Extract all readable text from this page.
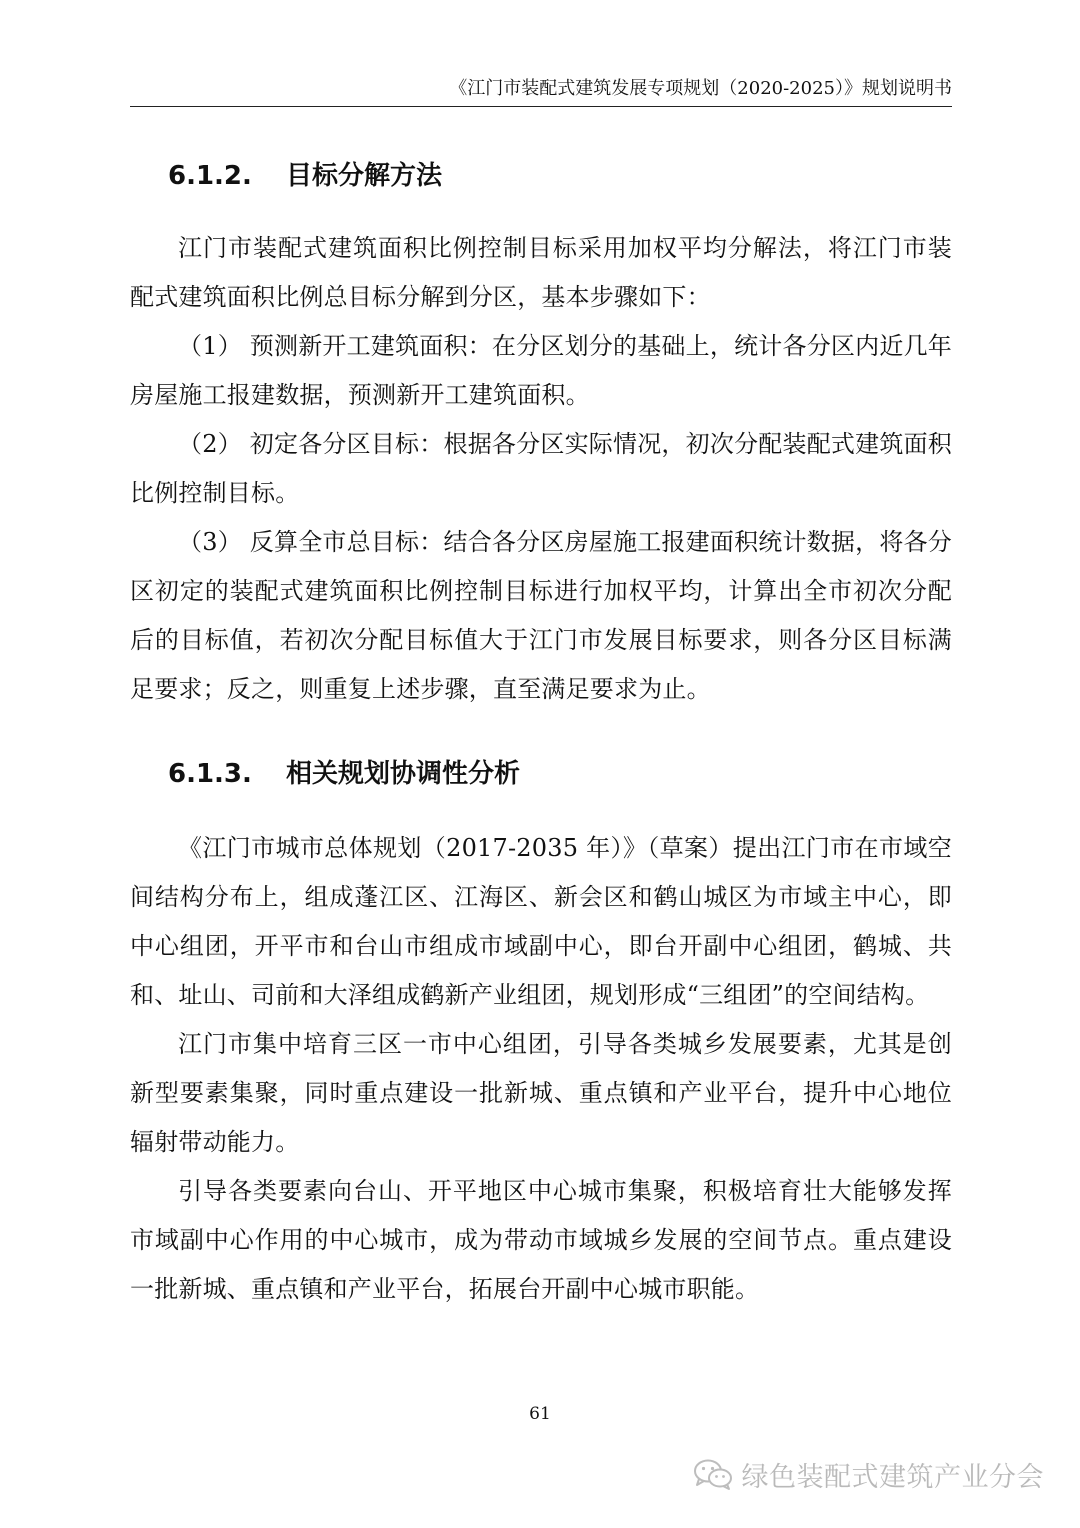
《江门市装配式建筑发展专项规划（2020-2025）》规划说明书
6.1.2. 目标分解方法

江门市装配式建筑面积比例控制目标采用加权平均分解法，将江门市装配式建筑面积比例总目标分解到分区，基本步骤如下：

（1） 预测新开工建筑面积：在分区划分的基础上，统计各分区内近几年房屋施工报建数据，预测新开工建筑面积。

（2） 初定各分区目标：根据各分区实际情况，初次分配装配式建筑面积比例控制目标。

（3） 反算全市总目标：结合各分区房屋施工报建面积统计数据，将各分区初定的装配式建筑面积比例控制目标进行加权平均，计算出全市初次分配后的目标值，若初次分配目标值大于江门市发展目标要求，则各分区目标满足要求；反之，则重复上述步骤，直至满足要求为止。

6.1.3. 相关规划协调性分析

《江门市城市总体规划（2017-2035 年）》（草案）提出江门市在市域空间结构分布上，组成蓬江区、江海区、新会区和鹤山城区为市域主中心，即中心组团，开平市和台山市组成市域副中心，即台开副中心组团，鹤城、共和、址山、司前和大泽组成鹤新产业组团，规划形成“三组团”的空间结构。

江门市集中培育三区一市中心组团，引导各类城乡发展要素，尤其是创新型要素集聚，同时重点建设一批新城、重点镇和产业平台，提升中心地位辐射带动能力。

引导各类要素向台山、开平地区中心城市集聚，积极培育壮大能够发挥市域副中心作用的中心城市，成为带动市域城乡发展的空间节点。重点建设一批新城、重点镇和产业平台，拓展台开副中心城市职能。

61
绿色装配式建筑产业分会
